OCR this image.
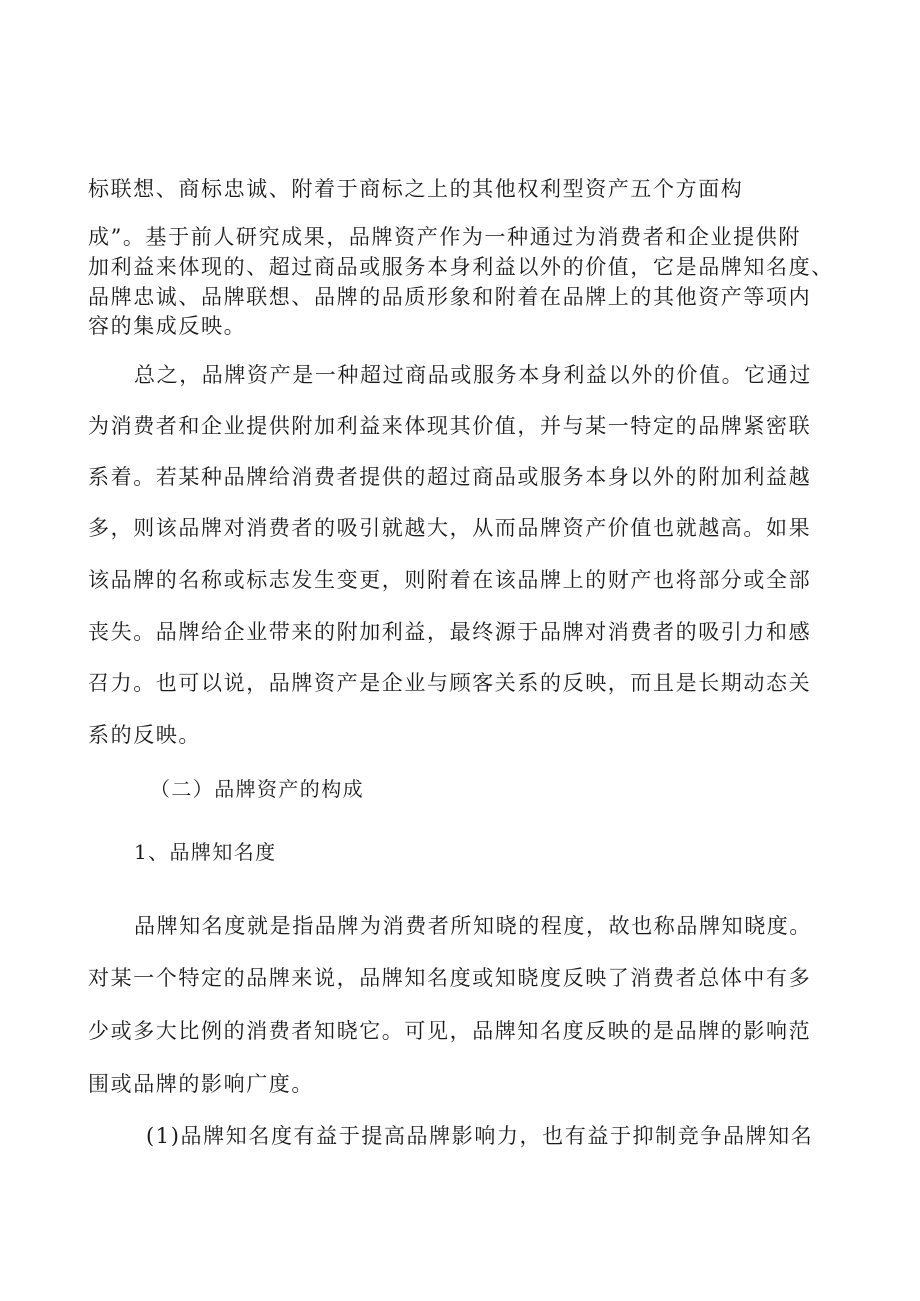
标联想、商标忠诚、附着于商标之上的其他权利型资产五个方面构
成”。基于前人研究成果，品牌资产作为一种通过为消费者和企业提供附
加利益来体现的、超过商品或服务本身利益以外的价值，它是品牌知名度、
品牌忠诚、品牌联想、品牌的品质形象和附着在品牌上的其他资产等项内
容的集成反映。
总之，品牌资产是一种超过商品或服务本身利益以外的价值。它通过
为消费者和企业提供附加利益来体现其价值，并与某一特定的品牌紧密联
系着。若某种品牌给消费者提供的超过商品或服务本身以外的附加利益越
多，则该品牌对消费者的吸引就越大，从而品牌资产价值也就越高。如果
该品牌的名称或标志发生变更，则附着在该品牌上的财产也将部分或全部
丧失。品牌给企业带来的附加利益，最终源于品牌对消费者的吸引力和感
召力。也可以说，品牌资产是企业与顾客关系的反映，而且是长期动态关
系的反映。
（二）品牌资产的构成
1、品牌知名度
品牌知名度就是指品牌为消费者所知晓的程度，故也称品牌知晓度。
对某一个特定的品牌来说，品牌知名度或知晓度反映了消费者总体中有多
少或多大比例的消费者知晓它。可见，品牌知名度反映的是品牌的影响范
围或品牌的影响广度。
(1)品牌知名度有益于提高品牌影响力，也有益于抑制竞争品牌知名
